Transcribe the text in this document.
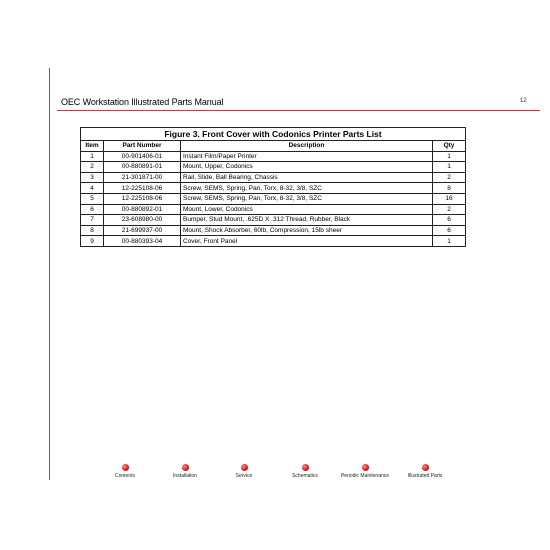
OEC Workstation Illustrated Parts Manual	12
Figure 3. Front Cover with Codonics Printer Parts List
Item	Part Number	Description	Qty
1	00-901406-01	Instant Film/Paper Printer	1
2	00-880891-01	Mount, Upper, Codonics	1
3	21-301871-00	Rail, Slide, Ball Bearing, Chassis	2
4	12-225108-06	Screw, SEMS, Spring, Pan, Torx, 8-32, 3/8, SZC	8
5	12-225108-06	Screw, SEMS, Spring, Pan, Torx, 8-32, 3/8, SZC	16
6	00-880892-01	Mount, Lower, Codonics	2
7	23-608980-00	Bumper, Stud Mount, .625D X .312 Thread, Rubber, Black	6
8	21-699937-00	Mount, Shock Absorber, 60lb, Compression, 15lb sheer	6
9	00-880393-04	Cover, Front Panel	1
Contents	Installation	Service	Schematics	Periodic Maintenance	Illustrated Parts
